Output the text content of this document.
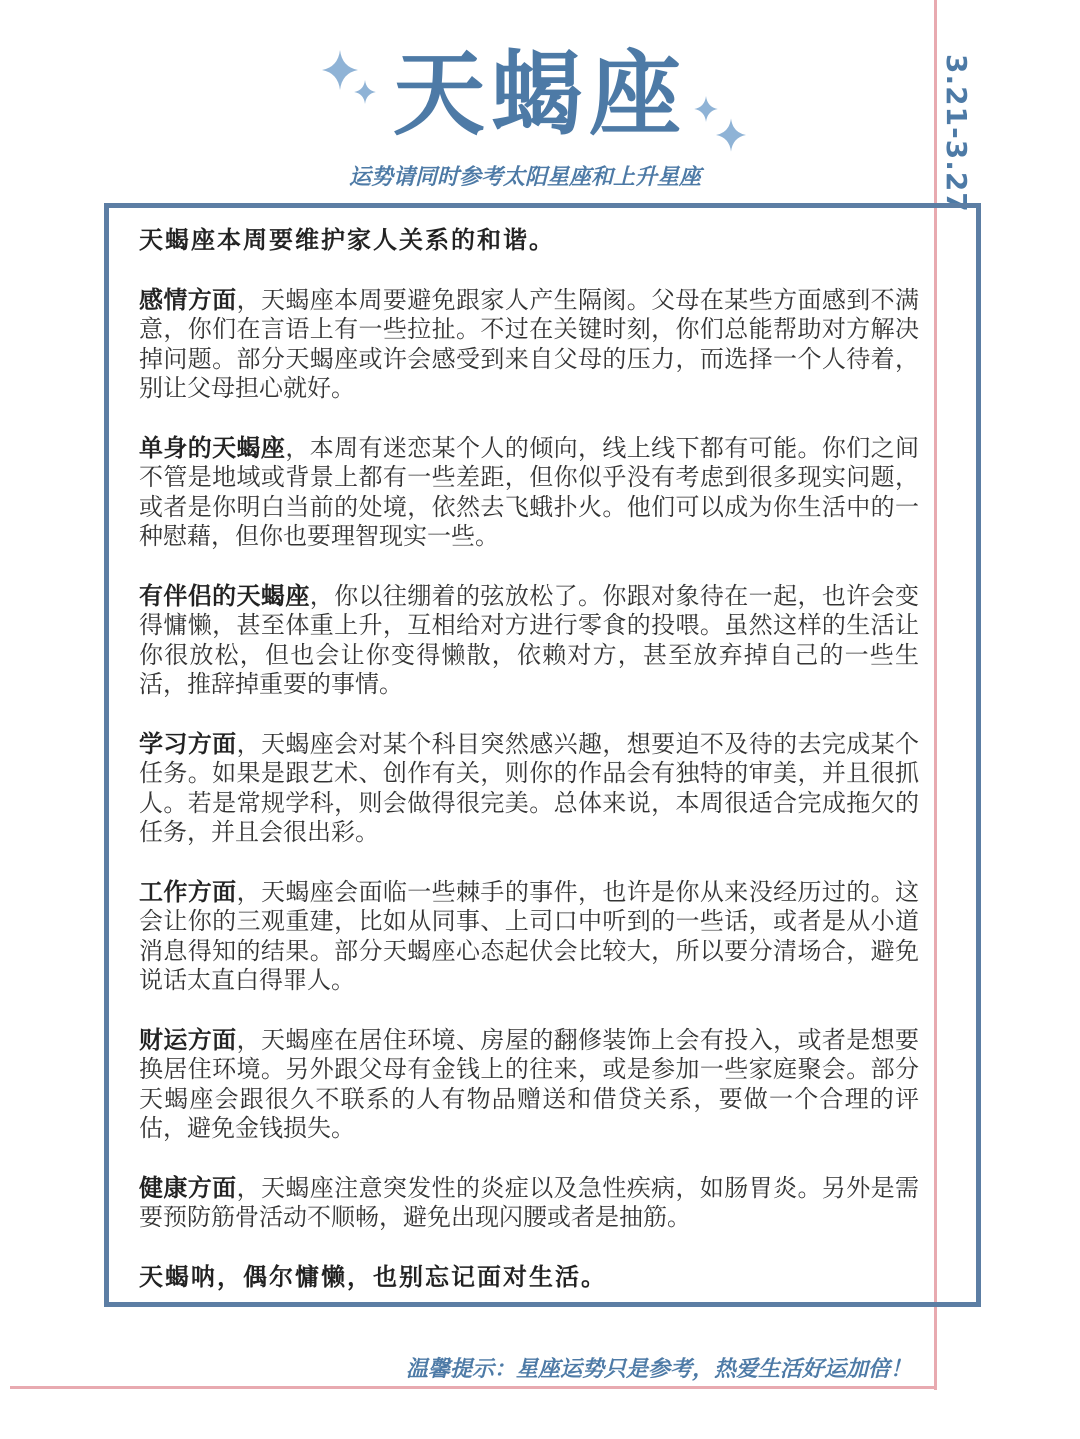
天蝎座

运势请同时参考太阳星座和上升星座	3.21-3.27

天蝎座本周要维护家人关系的和谐。

感情方面，天蝎座本周要避免跟家人产生隔阂。父母在某些方面感到不满意，你们在言语上有一些拉扯。不过在关键时刻，你们总能帮助对方解决掉问题。部分天蝎座或许会感受到来自父母的压力，而选择一个人待着，别让父母担心就好。

单身的天蝎座，本周有迷恋某个人的倾向，线上线下都有可能。你们之间不管是地域或背景上都有一些差距，但你似乎没有考虑到很多现实问题，或者是你明白当前的处境，依然去飞蛾扑火。他们可以成为你生活中的一种慰藉，但你也要理智现实一些。

有伴侣的天蝎座，你以往绷着的弦放松了。你跟对象待在一起，也许会变得慵懒，甚至体重上升，互相给对方进行零食的投喂。虽然这样的生活让你很放松，但也会让你变得懒散，依赖对方，甚至放弃掉自己的一些生活，推辞掉重要的事情。

学习方面，天蝎座会对某个科目突然感兴趣，想要迫不及待的去完成某个任务。如果是跟艺术、创作有关，则你的作品会有独特的审美，并且很抓人。若是常规学科，则会做得很完美。总体来说，本周很适合完成拖欠的任务，并且会很出彩。

工作方面，天蝎座会面临一些棘手的事件，也许是你从来没经历过的。这会让你的三观重建，比如从同事、上司口中听到的一些话，或者是从小道消息得知的结果。部分天蝎座心态起伏会比较大，所以要分清场合，避免说话太直白得罪人。

财运方面，天蝎座在居住环境、房屋的翻修装饰上会有投入，或者是想要换居住环境。另外跟父母有金钱上的往来，或是参加一些家庭聚会。部分天蝎座会跟很久不联系的人有物品赠送和借贷关系，要做一个合理的评估，避免金钱损失。

健康方面，天蝎座注意突发性的炎症以及急性疾病，如肠胃炎。另外是需要预防筋骨活动不顺畅，避免出现闪腰或者是抽筋。

天蝎呐，偶尔慵懒，也别忘记面对生活。

温馨提示：星座运势只是参考，热爱生活好运加倍！
